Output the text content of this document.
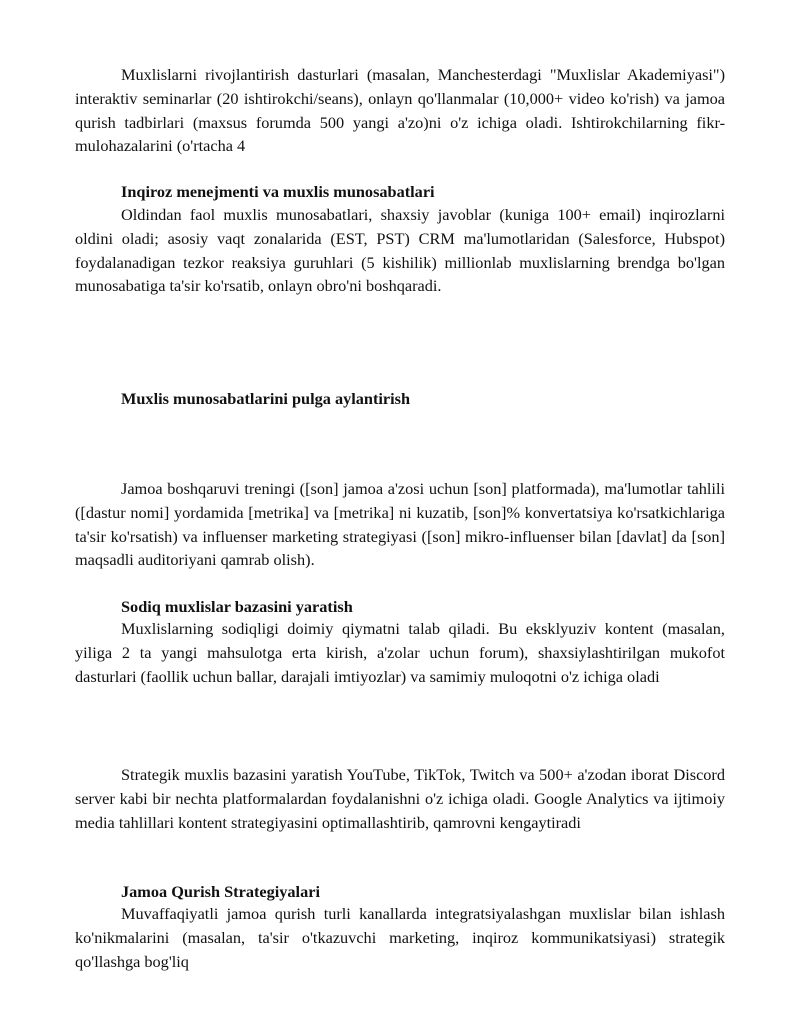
Muxlislarni rivojlantirish dasturlari (masalan, Manchesterdagi "Muxlislar Akademiyasi") interaktiv seminarlar (20 ishtirokchi/seans), onlayn qo'llanmalar (10,000+ video ko'rish) va jamoa qurish tadbirlari (maxsus forumda 500 yangi a'zo)ni o'z ichiga oladi. Ishtirokchilarning fikr-mulohazalarini (o'rtacha 4

Inqiroz menejmenti va muxlis munosabatlari

Oldindan faol muxlis munosabatlari, shaxsiy javoblar (kuniga 100+ email) inqirozlarni oldini oladi; asosiy vaqt zonalarida (EST, PST) CRM ma'lumotlaridan (Salesforce, Hubspot) foydalanadigan tezkor reaksiya guruhlari (5 kishilik) millionlab muxlislarning brendga bo'lgan munosabatiga ta'sir ko'rsatib, onlayn obro'ni boshqaradi.

Muxlis munosabatlarini pulga aylantirish

Jamoa boshqaruvi treningi ([son] jamoa a'zosi uchun [son] platformada), ma'lumotlar tahlili ([dastur nomi] yordamida [metrika] va [metrika] ni kuzatib, [son]% konvertatsiya ko'rsatkichlariga ta'sir ko'rsatish) va influenser marketing strategiyasi ([son] mikro-influenser bilan [davlat] da [son] maqsadli auditoriyani qamrab olish).

Sodiq muxlislar bazasini yaratish

Muxlislarning sodiqligi doimiy qiymatni talab qiladi. Bu eksklyuziv kontent (masalan, yiliga 2 ta yangi mahsulotga erta kirish, a'zolar uchun forum), shaxsiylashtirilgan mukofot dasturlari (faollik uchun ballar, darajali imtiyozlar) va samimiy muloqotni o'z ichiga oladi

Strategik muxlis bazasini yaratish YouTube, TikTok, Twitch va 500+ a'zodan iborat Discord server kabi bir nechta platformalardan foydalanishni o'z ichiga oladi. Google Analytics va ijtimoiy media tahlillari kontent strategiyasini optimallashtirib, qamrovni kengaytiradi

Jamoa Qurish Strategiyalari

Muvaffaqiyatli jamoa qurish turli kanallarda integratsiyalashgan muxlislar bilan ishlash ko'nikmalarini (masalan, ta'sir o'tkazuvchi marketing, inqiroz kommunikatsiyasi) strategik qo'llashga bog'liq
